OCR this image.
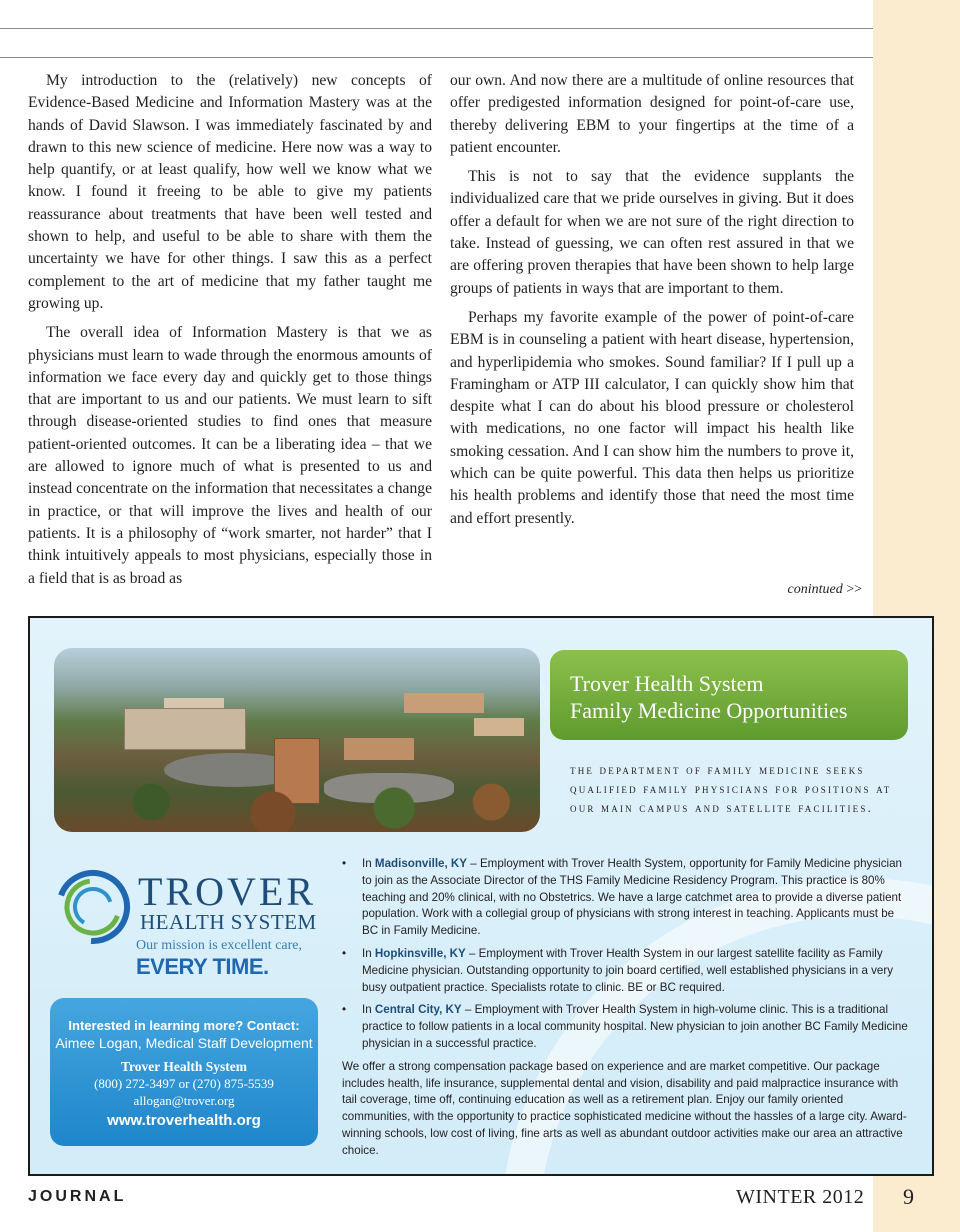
My introduction to the (relatively) new concepts of Evidence-Based Medicine and Information Mastery was at the hands of David Slawson. I was immediately fascinated by and drawn to this new science of medicine. Here now was a way to help quantify, or at least qualify, how well we know what we know. I found it freeing to be able to give my patients reassurance about treatments that have been well tested and shown to help, and useful to be able to share with them the uncertainty we have for other things. I saw this as a perfect complement to the art of medicine that my father taught me growing up.

The overall idea of Information Mastery is that we as physicians must learn to wade through the enormous amounts of information we face every day and quickly get to those things that are important to us and our patients. We must learn to sift through disease-oriented studies to find ones that measure patient-oriented outcomes. It can be a liberating idea – that we are allowed to ignore much of what is presented to us and instead concentrate on the information that necessitates a change in practice, or that will improve the lives and health of our patients. It is a philosophy of “work smarter, not harder” that I think intuitively appeals to most physicians, especially those in a field that is as broad as

our own. And now there are a multitude of online resources that offer predigested information designed for point-of-care use, thereby delivering EBM to your fingertips at the time of a patient encounter.

This is not to say that the evidence supplants the individualized care that we pride ourselves in giving. But it does offer a default for when we are not sure of the right direction to take. Instead of guessing, we can often rest assured in that we are offering proven therapies that have been shown to help large groups of patients in ways that are important to them.

Perhaps my favorite example of the power of point-of-care EBM is in counseling a patient with heart disease, hypertension, and hyperlipidemia who smokes. Sound familiar? If I pull up a Framingham or ATP III calculator, I can quickly show him that despite what I can do about his blood pressure or cholesterol with medications, no one factor will impact his health like smoking cessation. And I can show him the numbers to prove it, which can be quite powerful. This data then helps us prioritize his health problems and identify those that need the most time and effort presently.

conintued >>
Trover Health System
Family Medicine Opportunities
the department of family medicine seeks qualified family physicians for positions at our main campus and satellite facilities.
TROVER
HEALTH SYSTEM
Our mission is excellent care,
EVERY TIME.
Interested in learning more? Contact:
Aimee Logan, Medical Staff Development
Trover Health System
(800) 272-3497 or (270) 875-5539
allogan@trover.org
www.troverhealth.org
• In Madisonville, KY – Employment with Trover Health System, opportunity for Family Medicine physician to join as the Associate Director of the THS Family Medicine Residency Program. This practice is 80% teaching and 20% clinical, with no Obstetrics. We have a large catchmet area to provide a diverse patient population. Work with a collegial group of physicians with strong interest in teaching. Applicants must be BC in Family Medicine.
• In Hopkinsville, KY – Employment with Trover Health System in our largest satellite facility as Family Medicine physician. Outstanding opportunity to join board certified, well established physicians in a very busy outpatient practice. Specialists rotate to clinic. BE or BC required.
• In Central City, KY – Employment with Trover Health System in high-volume clinic. This is a traditional practice to follow patients in a local community hospital. New physician to join another BC Family Medicine physician in a successful practice.
We offer a strong compensation package based on experience and are market competitive. Our package includes health, life insurance, supplemental dental and vision, disability and paid malpractice insurance with tail coverage, time off, continuing education as well as a retirement plan. Enjoy our family oriented communities, with the opportunity to practice sophisticated medicine without the hassles of a large city. Award-winning schools, low cost of living, fine arts as well as abundant outdoor activities make our area an attractive choice.
JOURNAL	WINTER 2012 9
